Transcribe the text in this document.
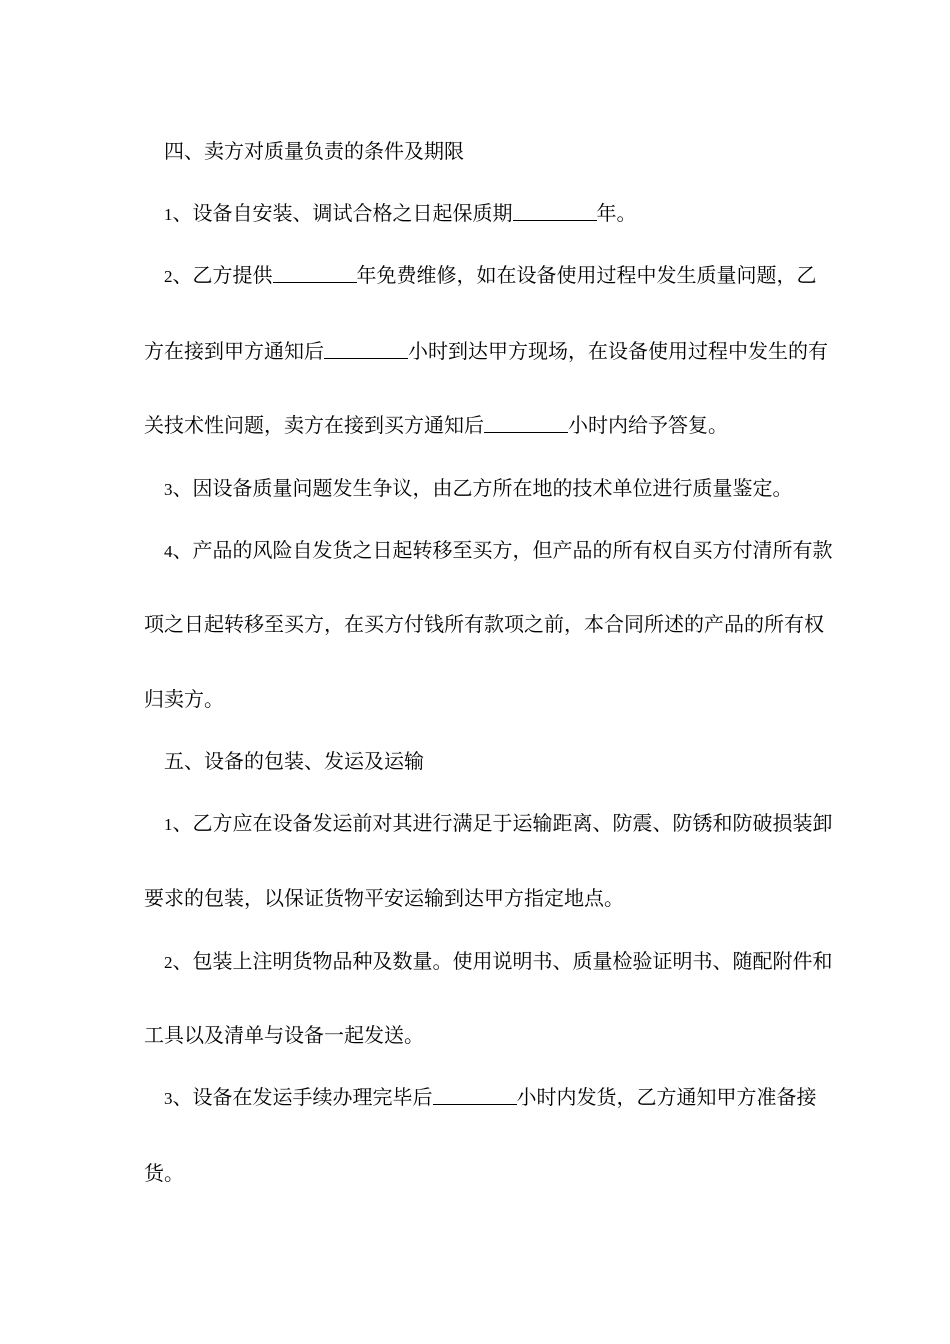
四、卖方对质量负责的条件及期限
1、设备自安装、调试合格之日起保质期	年。
2、乙方提供	年免费维修，如在设备使用过程中发生质量问题，乙
方在接到甲方通知后	小时到达甲方现场，在设备使用过程中发生的有
关技术性问题，卖方在接到买方通知后	小时内给予答复。
3、因设备质量问题发生争议，由乙方所在地的技术单位进行质量鉴定。
4、产品的风险自发货之日起转移至买方，但产品的所有权自买方付清所有款
项之日起转移至买方，在买方付钱所有款项之前，本合同所述的产品的所有权
归卖方。
五、设备的包装、发运及运输
1、乙方应在设备发运前对其进行满足于运输距离、防震、防锈和防破损装卸
要求的包装，以保证货物平安运输到达甲方指定地点。
2、包装上注明货物品种及数量。使用说明书、质量检验证明书、随配附件和
工具以及清单与设备一起发送。
3、设备在发运手续办理完毕后	小时内发货，乙方通知甲方准备接
货。
